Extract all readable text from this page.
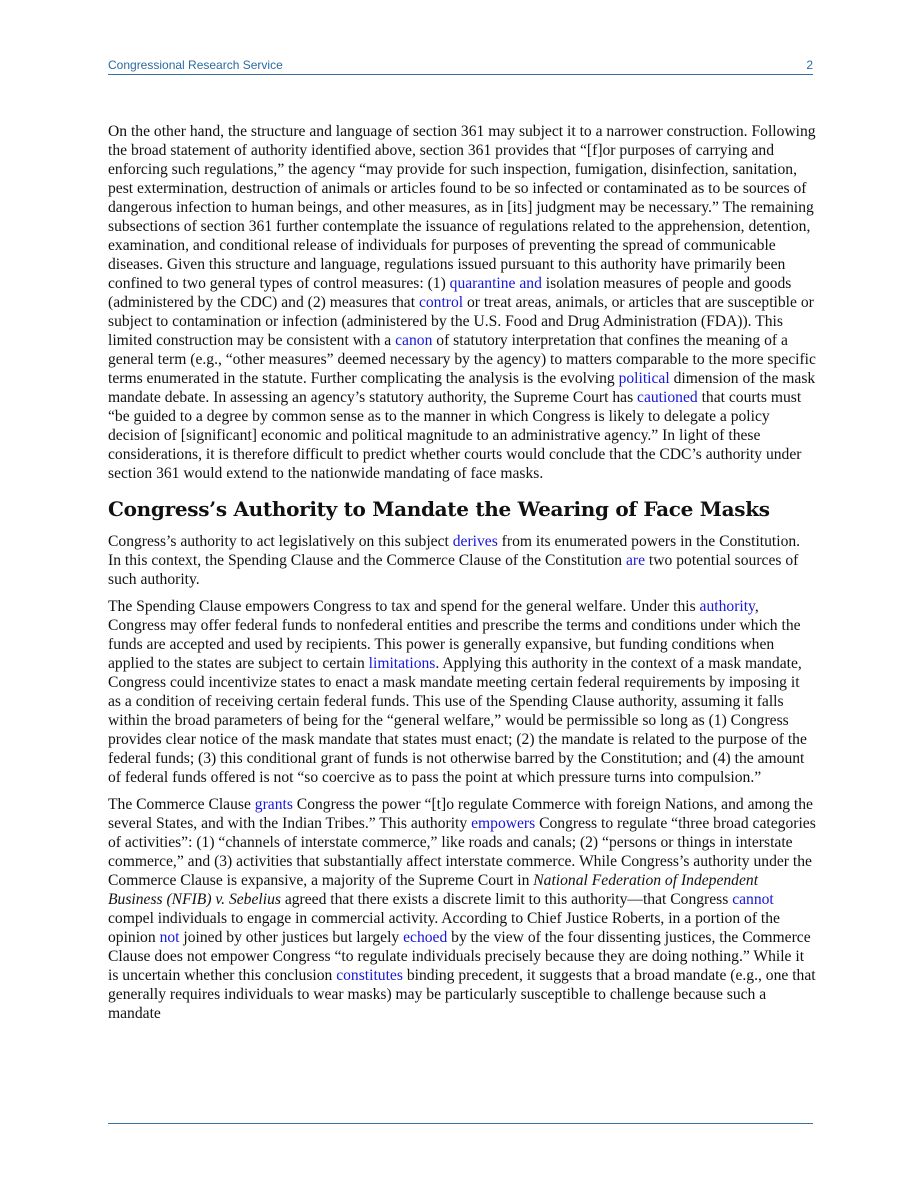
Congressional Research Service	2

On the other hand, the structure and language of section 361 may subject it to a narrower construction. Following the broad statement of authority identified above, section 361 provides that “[f]or purposes of carrying and enforcing such regulations,” the agency “may provide for such inspection, fumigation, disinfection, sanitation, pest extermination, destruction of animals or articles found to be so infected or contaminated as to be sources of dangerous infection to human beings, and other measures, as in [its] judgment may be necessary.” The remaining subsections of section 361 further contemplate the issuance of regulations related to the apprehension, detention, examination, and conditional release of individuals for purposes of preventing the spread of communicable diseases. Given this structure and language, regulations issued pursuant to this authority have primarily been confined to two general types of control measures: (1) quarantine and isolation measures of people and goods (administered by the CDC) and (2) measures that control or treat areas, animals, or articles that are susceptible or subject to contamination or infection (administered by the U.S. Food and Drug Administration (FDA)). This limited construction may be consistent with a canon of statutory interpretation that confines the meaning of a general term (e.g., “other measures” deemed necessary by the agency) to matters comparable to the more specific terms enumerated in the statute. Further complicating the analysis is the evolving political dimension of the mask mandate debate. In assessing an agency’s statutory authority, the Supreme Court has cautioned that courts must “be guided to a degree by common sense as to the manner in which Congress is likely to delegate a policy decision of [significant] economic and political magnitude to an administrative agency.” In light of these considerations, it is therefore difficult to predict whether courts would conclude that the CDC’s authority under section 361 would extend to the nationwide mandating of face masks.

Congress’s Authority to Mandate the Wearing of Face Masks

Congress’s authority to act legislatively on this subject derives from its enumerated powers in the Constitution. In this context, the Spending Clause and the Commerce Clause of the Constitution are two potential sources of such authority.

The Spending Clause empowers Congress to tax and spend for the general welfare. Under this authority, Congress may offer federal funds to nonfederal entities and prescribe the terms and conditions under which the funds are accepted and used by recipients. This power is generally expansive, but funding conditions when applied to the states are subject to certain limitations. Applying this authority in the context of a mask mandate, Congress could incentivize states to enact a mask mandate meeting certain federal requirements by imposing it as a condition of receiving certain federal funds. This use of the Spending Clause authority, assuming it falls within the broad parameters of being for the “general welfare,” would be permissible so long as (1) Congress provides clear notice of the mask mandate that states must enact; (2) the mandate is related to the purpose of the federal funds; (3) this conditional grant of funds is not otherwise barred by the Constitution; and (4) the amount of federal funds offered is not “so coercive as to pass the point at which pressure turns into compulsion.”

The Commerce Clause grants Congress the power “[t]o regulate Commerce with foreign Nations, and among the several States, and with the Indian Tribes.” This authority empowers Congress to regulate “three broad categories of activities”: (1) “channels of interstate commerce,” like roads and canals; (2) “persons or things in interstate commerce,” and (3) activities that substantially affect interstate commerce. While Congress’s authority under the Commerce Clause is expansive, a majority of the Supreme Court in National Federation of Independent Business (NFIB) v. Sebelius agreed that there exists a discrete limit to this authority—that Congress cannot compel individuals to engage in commercial activity. According to Chief Justice Roberts, in a portion of the opinion not joined by other justices but largely echoed by the view of the four dissenting justices, the Commerce Clause does not empower Congress “to regulate individuals precisely because they are doing nothing.” While it is uncertain whether this conclusion constitutes binding precedent, it suggests that a broad mandate (e.g., one that generally requires individuals to wear masks) may be particularly susceptible to challenge because such a mandate
